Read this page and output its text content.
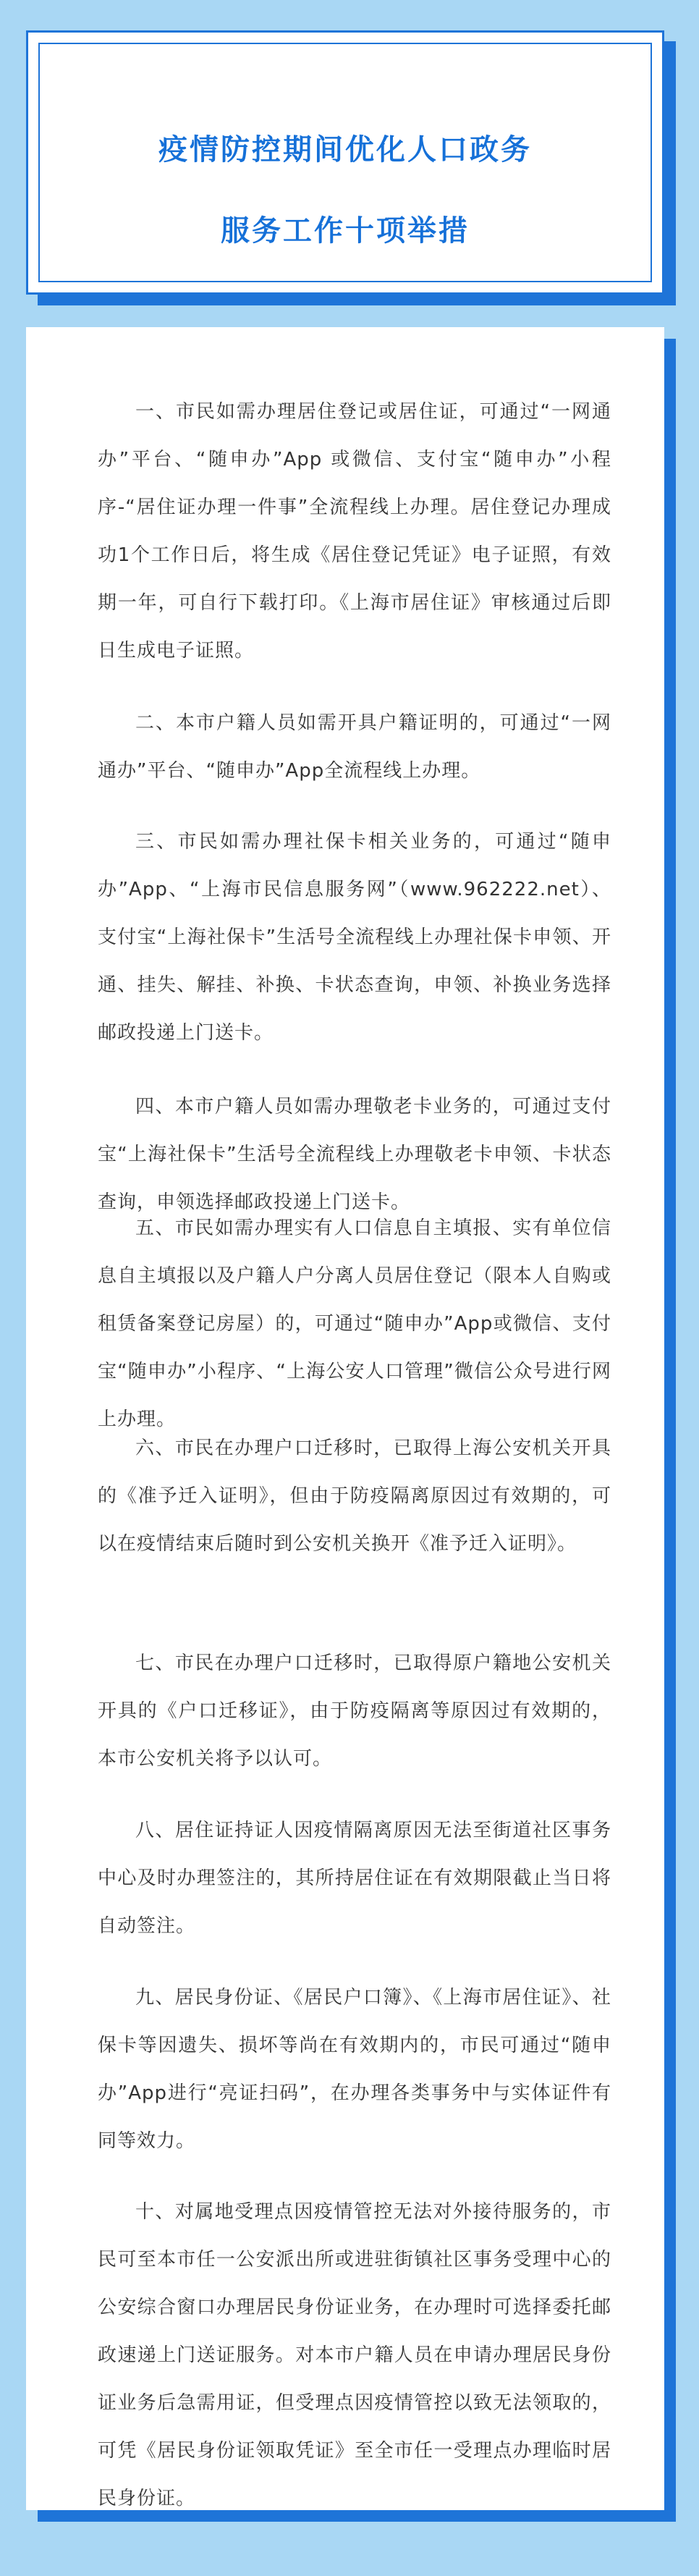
疫情防控期间优化人口政务
服务工作十项举措

一、市民如需办理居住登记或居住证，可通过“一网通办”平台、“随申办”App 或微信、支付宝“随申办”小程序-“居住证办理一件事”全流程线上办理。居住登记办理成功1个工作日后，将生成《居住登记凭证》电子证照，有效期一年，可自行下载打印。《上海市居住证》审核通过后即日生成电子证照。

二、本市户籍人员如需开具户籍证明的，可通过“一网通办”平台、“随申办”App全流程线上办理。

三、市民如需办理社保卡相关业务的，可通过“随申办”App、“上海市民信息服务网”（www.962222.net）、支付宝“上海社保卡”生活号全流程线上办理社保卡申领、开通、挂失、解挂、补换、卡状态查询，申领、补换业务选择邮政投递上门送卡。

四、本市户籍人员如需办理敬老卡业务的，可通过支付宝“上海社保卡”生活号全流程线上办理敬老卡申领、卡状态查询，申领选择邮政投递上门送卡。

五、市民如需办理实有人口信息自主填报、实有单位信息自主填报以及户籍人户分离人员居住登记（限本人自购或租赁备案登记房屋）的，可通过“随申办”App或微信、支付宝“随申办”小程序、“上海公安人口管理”微信公众号进行网上办理。

六、市民在办理户口迁移时，已取得上海公安机关开具的《准予迁入证明》，但由于防疫隔离原因过有效期的，可以在疫情结束后随时到公安机关换开《准予迁入证明》。

七、市民在办理户口迁移时，已取得原户籍地公安机关开具的《户口迁移证》，由于防疫隔离等原因过有效期的，本市公安机关将予以认可。

八、居住证持证人因疫情隔离原因无法至街道社区事务中心及时办理签注的，其所持居住证在有效期限截止当日将自动签注。

九、居民身份证、《居民户口簿》、《上海市居住证》、社保卡等因遗失、损坏等尚在有效期内的，市民可通过“随申办”App进行“亮证扫码”，在办理各类事务中与实体证件有同等效力。

十、对属地受理点因疫情管控无法对外接待服务的，市民可至本市任一公安派出所或进驻街镇社区事务受理中心的公安综合窗口办理居民身份证业务，在办理时可选择委托邮政速递上门送证服务。对本市户籍人员在申请办理居民身份证业务后急需用证，但受理点因疫情管控以致无法领取的，可凭《居民身份证领取凭证》至全市任一受理点办理临时居民身份证。
